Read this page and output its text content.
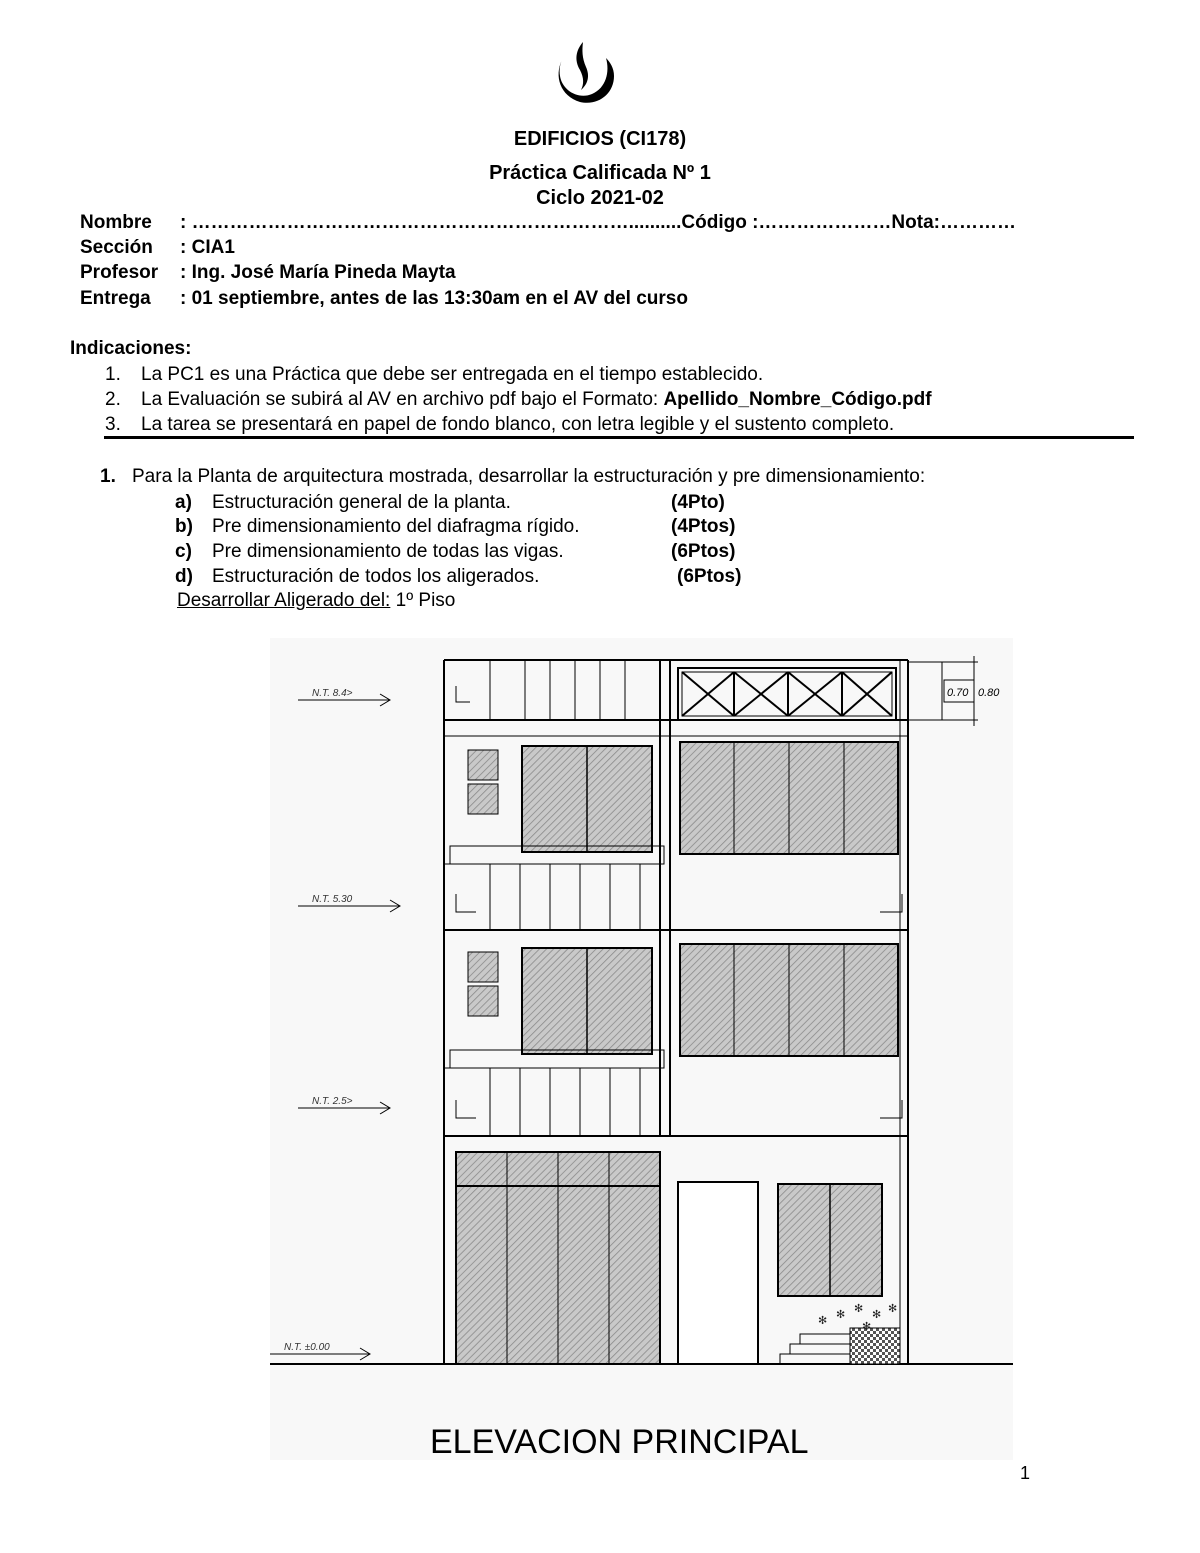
EDIFICIOS (CI178)
Práctica Calificada Nº 1
Ciclo 2021-02
Nombre : ……………………………………………………………..........Código :…………………Nota:…………
Sección : CIA1
Profesor : Ing. José María Pineda Mayta
Entrega : 01 septiembre, antes de las 13:30am en el AV del curso
Indicaciones:
1. La PC1 es una Práctica que debe ser entregada en el tiempo establecido.
2. La Evaluación se subirá al AV en archivo pdf bajo el Formato: Apellido_Nombre_Código.pdf
3. La tarea se presentará en papel de fondo blanco, con letra legible y el sustento completo.
1. Para la Planta de arquitectura mostrada, desarrollar la estructuración y pre dimensionamiento:
a) Estructuración general de la planta.	(4Pto)
b) Pre dimensionamiento del diafragma rígido.	(4Ptos)
c) Pre dimensionamiento de todas las vigas.	(6Ptos)
d) Estructuración de todos los aligerados.	(6Ptos)
Desarrollar Aligerado del: 1º Piso
0.70 0.80
N.T. 8.4>
N.T. 5.30
N.T. 2.5>
N.T. ±0.00
✻ ✻ ✻ ✻ ✻
✻
ELEVACION PRINCIPAL
1
